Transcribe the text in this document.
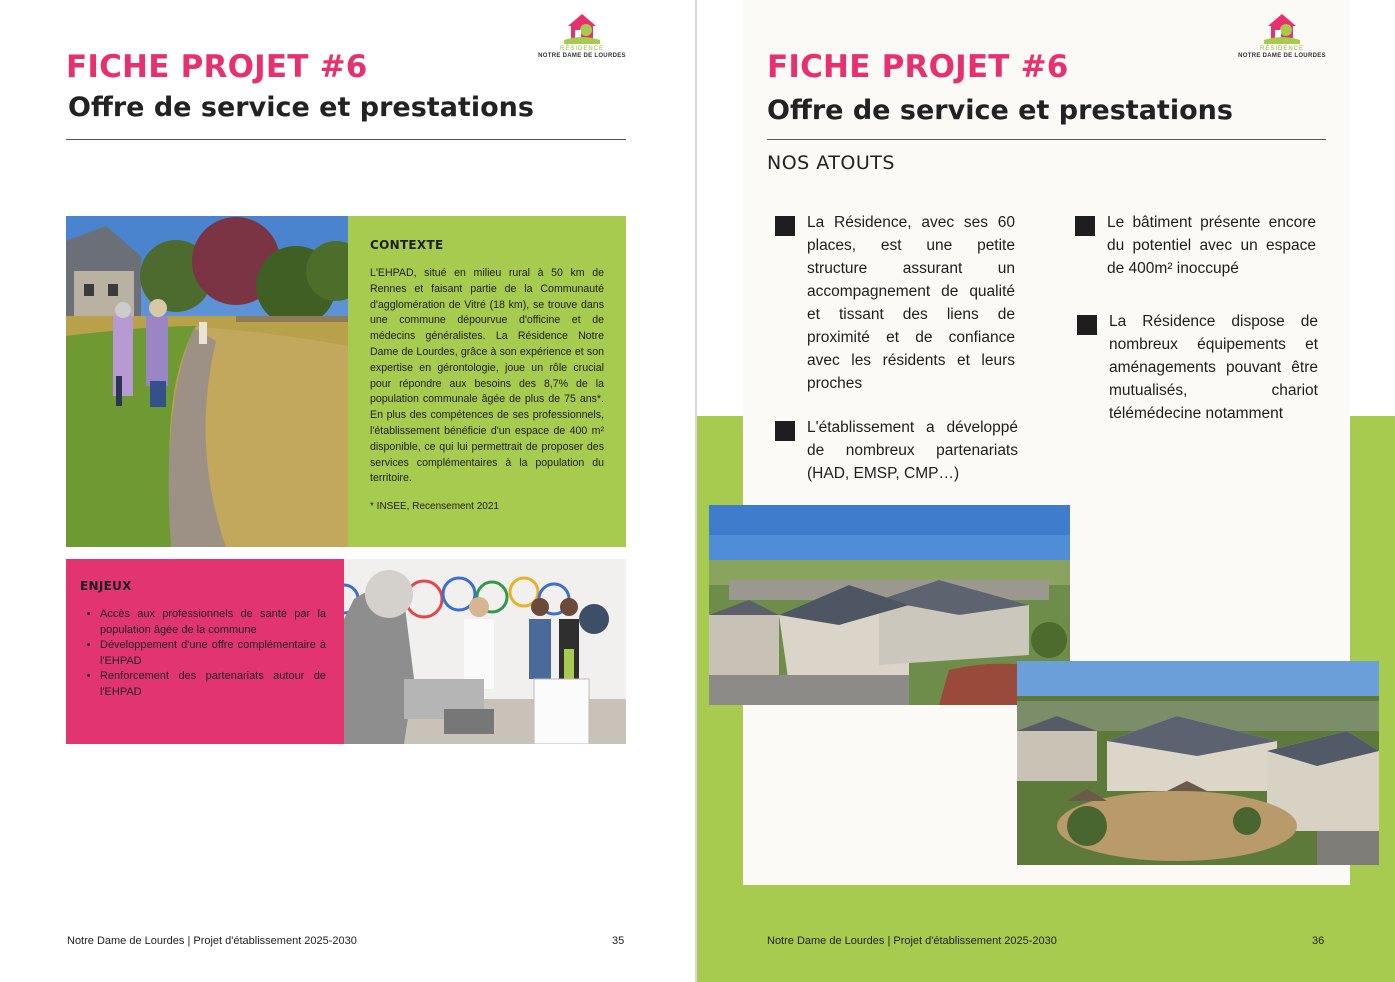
RÉSIDENCE
NOTRE DAME DE LOURDES
FICHE PROJET #6
Offre de service et prestations
CONTEXTE
L'EHPAD, situé en milieu rural à 50 km de Rennes et faisant partie de la Communauté d'agglomération de Vitré (18 km), se trouve dans une commune dépourvue d'officine et de médecins généralistes. La Résidence Notre Dame de Lourdes, grâce à son expérience et son expertise en gérontologie, joue un rôle crucial pour répondre aux besoins des 8,7% de la population communale âgée de plus de 75 ans*. En plus des compétences de ses professionnels, l'établissement bénéficie d'un espace de 400 m² disponible, ce qui lui permettrait de proposer des services complémentaires à la population du territoire.
* INSEE, Recensement 2021
ENJEUX
• Accès aux professionnels de santé par la population âgée de la commune
• Développement d'une offre complémentaire à l'EHPAD
• Renforcement des partenariats autour de l'EHPAD
Notre Dame de Lourdes | Projet d'établissement 2025-2030	35
RÉSIDENCE
NOTRE DAME DE LOURDES
FICHE PROJET #6
Offre de service et prestations
NOS ATOUTS
La Résidence, avec ses 60 places, est une petite structure assurant un accompagnement de qualité et tissant des liens de proximité et de confiance avec les résidents et leurs proches
L'établissement a développé de nombreux partenariats (HAD, EMSP, CMP…)
Le bâtiment présente encore du potentiel avec un espace de 400m² inoccupé
La Résidence dispose de nombreux équipements et aménagements pouvant être mutualisés, chariot télémédecine notamment
Notre Dame de Lourdes | Projet d'établissement 2025-2030	36
